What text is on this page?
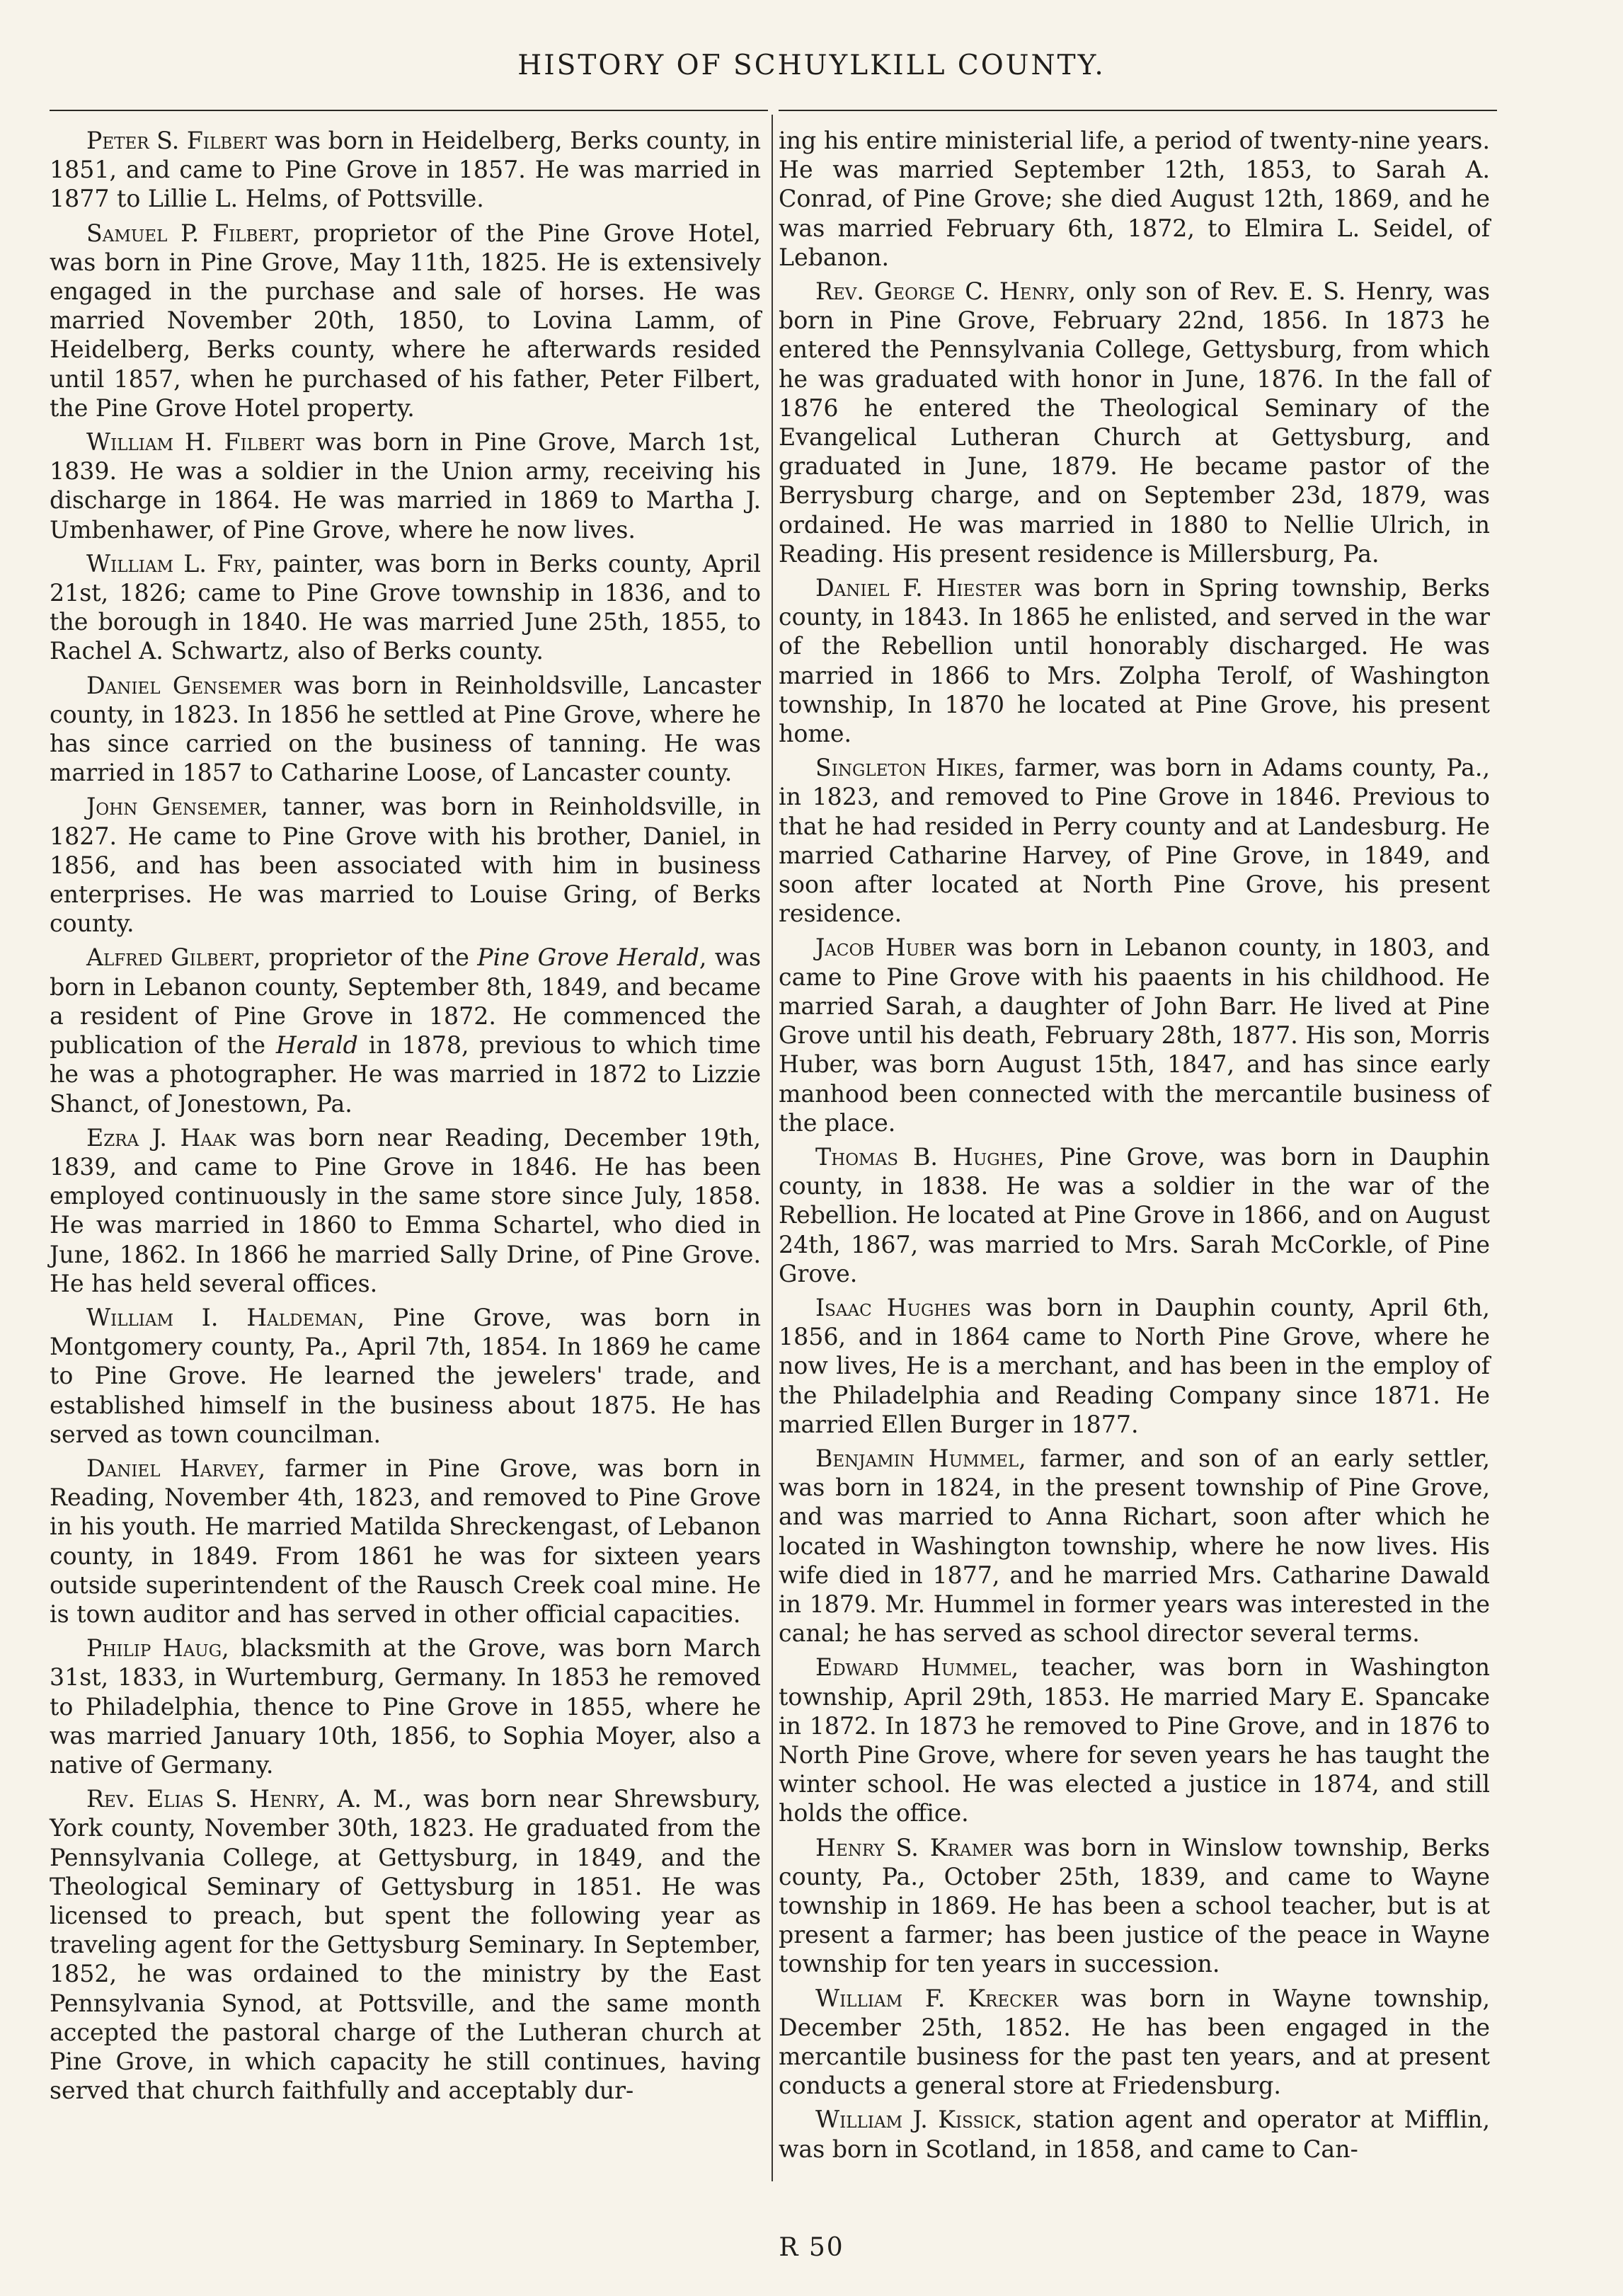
HISTORY OF SCHUYLKILL COUNTY.

Peter S. Filbert was born in Heidelberg, Berks county, in 1851, and came to Pine Grove in 1857. He was married in 1877 to Lillie L. Helms, of Pottsville.

Samuel P. Filbert, proprietor of the Pine Grove Hotel, was born in Pine Grove, May 11th, 1825. He is extensively engaged in the purchase and sale of horses. He was married November 20th, 1850, to Lovina Lamm, of Heidelberg, Berks county, where he afterwards resided until 1857, when he purchased of his father, Peter Filbert, the Pine Grove Hotel property.

William H. Filbert was born in Pine Grove, March 1st, 1839. He was a soldier in the Union army, receiving his discharge in 1864. He was married in 1869 to Martha J. Umbenhawer, of Pine Grove, where he now lives.

William L. Fry, painter, was born in Berks county, April 21st, 1826; came to Pine Grove township in 1836, and to the borough in 1840. He was married June 25th, 1855, to Rachel A. Schwartz, also of Berks county.

Daniel Gensemer was born in Reinholdsville, Lancaster county, in 1823. In 1856 he settled at Pine Grove, where he has since carried on the business of tanning. He was married in 1857 to Catharine Loose, of Lancaster county.

John Gensemer, tanner, was born in Reinholdsville, in 1827. He came to Pine Grove with his brother, Daniel, in 1856, and has been associated with him in business enterprises. He was married to Louise Gring, of Berks county.

Alfred Gilbert, proprietor of the Pine Grove Herald, was born in Lebanon county, September 8th, 1849, and became a resident of Pine Grove in 1872. He commenced the publication of the Herald in 1878, previous to which time he was a photographer. He was married in 1872 to Lizzie Shanct, of Jonestown, Pa.

Ezra J. Haak was born near Reading, December 19th, 1839, and came to Pine Grove in 1846. He has been employed continuously in the same store since July, 1858. He was married in 1860 to Emma Schartel, who died in June, 1862. In 1866 he married Sally Drine, of Pine Grove. He has held several offices.

William I. Haldeman, Pine Grove, was born in Montgomery county, Pa., April 7th, 1854. In 1869 he came to Pine Grove. He learned the jewelers' trade, and established himself in the business about 1875. He has served as town councilman.

Daniel Harvey, farmer in Pine Grove, was born in Reading, November 4th, 1823, and removed to Pine Grove in his youth. He married Matilda Shreckengast, of Lebanon county, in 1849. From 1861 he was for sixteen years outside superintendent of the Rausch Creek coal mine. He is town auditor and has served in other official capacities.

Philip Haug, blacksmith at the Grove, was born March 31st, 1833, in Wurtemburg, Germany. In 1853 he removed to Philadelphia, thence to Pine Grove in 1855, where he was married January 10th, 1856, to Sophia Moyer, also a native of Germany.

Rev. Elias S. Henry, A. M., was born near Shrewsbury, York county, November 30th, 1823. He graduated from the Pennsylvania College, at Gettysburg, in 1849, and the Theological Seminary of Gettysburg in 1851. He was licensed to preach, but spent the following year as traveling agent for the Gettysburg Seminary. In September, 1852, he was ordained to the ministry by the East Pennsylvania Synod, at Pottsville, and the same month accepted the pastoral charge of the Lutheran church at Pine Grove, in which capacity he still continues, having served that church faithfully and acceptably dur-

ing his entire ministerial life, a period of twenty-nine years. He was married September 12th, 1853, to Sarah A. Conrad, of Pine Grove; she died August 12th, 1869, and he was married February 6th, 1872, to Elmira L. Seidel, of Lebanon.

Rev. George C. Henry, only son of Rev. E. S. Henry, was born in Pine Grove, February 22nd, 1856. In 1873 he entered the Pennsylvania College, Gettysburg, from which he was graduated with honor in June, 1876. In the fall of 1876 he entered the Theological Seminary of the Evangelical Lutheran Church at Gettysburg, and graduated in June, 1879. He became pastor of the Berrysburg charge, and on September 23d, 1879, was ordained. He was married in 1880 to Nellie Ulrich, in Reading. His present residence is Millersburg, Pa.

Daniel F. Hiester was born in Spring township, Berks county, in 1843. In 1865 he enlisted, and served in the war of the Rebellion until honorably discharged. He was married in 1866 to Mrs. Zolpha Terolf, of Washington township, In 1870 he located at Pine Grove, his present home.

Singleton Hikes, farmer, was born in Adams county, Pa., in 1823, and removed to Pine Grove in 1846. Previous to that he had resided in Perry county and at Landesburg. He married Catharine Harvey, of Pine Grove, in 1849, and soon after located at North Pine Grove, his present residence.

Jacob Huber was born in Lebanon county, in 1803, and came to Pine Grove with his paaents in his childhood. He married Sarah, a daughter of John Barr. He lived at Pine Grove until his death, February 28th, 1877. His son, Morris Huber, was born August 15th, 1847, and has since early manhood been connected with the mercantile business of the place.

Thomas B. Hughes, Pine Grove, was born in Dauphin county, in 1838. He was a soldier in the war of the Rebellion. He located at Pine Grove in 1866, and on August 24th, 1867, was married to Mrs. Sarah McCorkle, of Pine Grove.

Isaac Hughes was born in Dauphin county, April 6th, 1856, and in 1864 came to North Pine Grove, where he now lives, He is a merchant, and has been in the employ of the Philadelphia and Reading Company since 1871. He married Ellen Burger in 1877.

Benjamin Hummel, farmer, and son of an early settler, was born in 1824, in the present township of Pine Grove, and was married to Anna Richart, soon after which he located in Washington township, where he now lives. His wife died in 1877, and he married Mrs. Catharine Dawald in 1879. Mr. Hummel in former years was interested in the canal; he has served as school director several terms.

Edward Hummel, teacher, was born in Washington township, April 29th, 1853. He married Mary E. Spancake in 1872. In 1873 he removed to Pine Grove, and in 1876 to North Pine Grove, where for seven years he has taught the winter school. He was elected a justice in 1874, and still holds the office.

Henry S. Kramer was born in Winslow township, Berks county, Pa., October 25th, 1839, and came to Wayne township in 1869. He has been a school teacher, but is at present a farmer; has been justice of the peace in Wayne township for ten years in succession.

William F. Krecker was born in Wayne township, December 25th, 1852. He has been engaged in the mercantile business for the past ten years, and at present conducts a general store at Friedensburg.

William J. Kissick, station agent and operator at Mifflin, was born in Scotland, in 1858, and came to Can-

R 50
